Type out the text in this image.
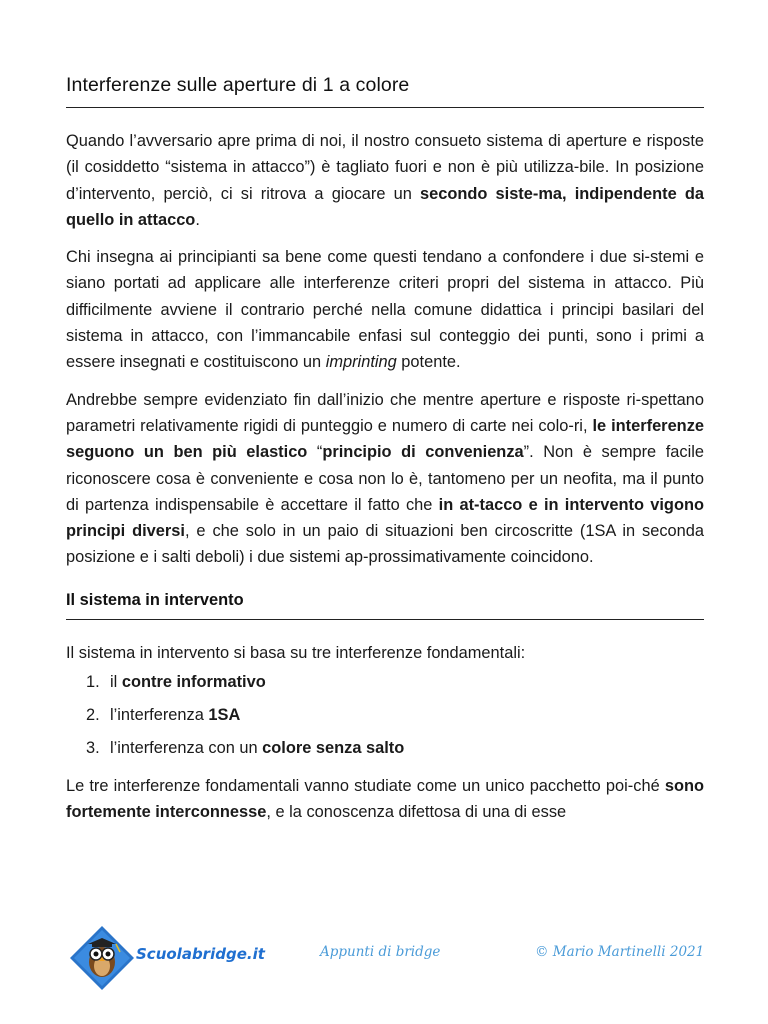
Interferenze sulle aperture di 1 a colore

Quando l’avversario apre prima di noi, il nostro consueto sistema di aperture e risposte (il cosiddetto “sistema in attacco”) è tagliato fuori e non è più utilizza-bile. In posizione d’intervento, perciò, ci si ritrova a giocare un secondo siste-ma, indipendente da quello in attacco.

Chi insegna ai principianti sa bene come questi tendano a confondere i due si-stemi e siano portati ad applicare alle interferenze criteri propri del sistema in attacco. Più difficilmente avviene il contrario perché nella comune didattica i principi basilari del sistema in attacco, con l’immancabile enfasi sul conteggio dei punti, sono i primi a essere insegnati e costituiscono un imprinting potente.

Andrebbe sempre evidenziato fin dall’inizio che mentre aperture e risposte ri-spettano parametri relativamente rigidi di punteggio e numero di carte nei colo-ri, le interferenze seguono un ben più elastico “principio di convenienza”. Non è sempre facile riconoscere cosa è conveniente e cosa non lo è, tantomeno per un neofita, ma il punto di partenza indispensabile è accettare il fatto che in at-tacco e in intervento vigono principi diversi, e che solo in un paio di situazioni ben circoscritte (1SA in seconda posizione e i salti deboli) i due sistemi ap-prossimativamente coincidono.

Il sistema in intervento

Il sistema in intervento si basa su tre interferenze fondamentali:

1. il contre informativo
2. l’interferenza 1SA
3. l’interferenza con un colore senza salto

Le tre interferenze fondamentali vanno studiate come un unico pacchetto poi-ché sono fortemente interconnesse, e la conoscenza difettosa di una di esse

Scuolabridge.it	Appunti di bridge	© Mario Martinelli 2021
